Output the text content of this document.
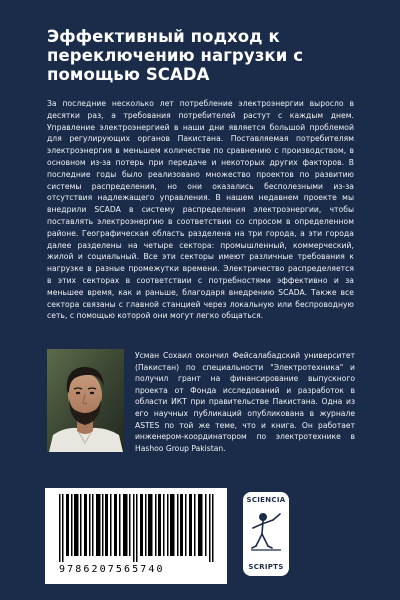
Эффективный подход к переключению нагрузки с помощью SCADA

За последние несколько лет потребление электроэнергии выросло в десятки раз, а требования потребителей растут с каждым днем. Управление электроэнергией в наши дни является большой проблемой для регулирующих органов Пакистана. Поставляемая потребителям электроэнергия в меньшем количестве по сравнению с производством, в основном из-за потерь при передаче и некоторых других факторов. В последние годы было реализовано множество проектов по развитию системы распределения, но они оказались бесполезными из-за отсутствия надлежащего управления. В нашем недавнем проекте мы внедрили SCADA в систему распределения электроэнергии, чтобы поставлять электроэнергию в соответствии со спросом в определенном районе. Географическая область разделена на три города, а эти города далее разделены на четыре сектора: промышленный, коммерческий, жилой и социальный. Все эти секторы имеют различные требования к нагрузке в разные промежутки времени. Электричество распределяется в этих секторах в соответствии с потребностями эффективно и за меньшее время, как и раньше, благодаря внедрению SCADA. Также все сектора связаны с главной станцией через локальную или беспроводную сеть, с помощью которой они могут легко общаться.

Усман Сохаил окончил Фейсалабадский университет (Пакистан) по специальности "Электротехника" и получил грант на финансирование выпускного проекта от Фонда исследований и разработок в области ИКТ при правительстве Пакистана. Одна из его научных публикаций опубликована в журнале ASTES по той же теме, что и книга. Он работает инженером-координатором по электротехнике в Hashoo Group Pakistan.

9786207565740
SCIENCIA
SCRIPTS
